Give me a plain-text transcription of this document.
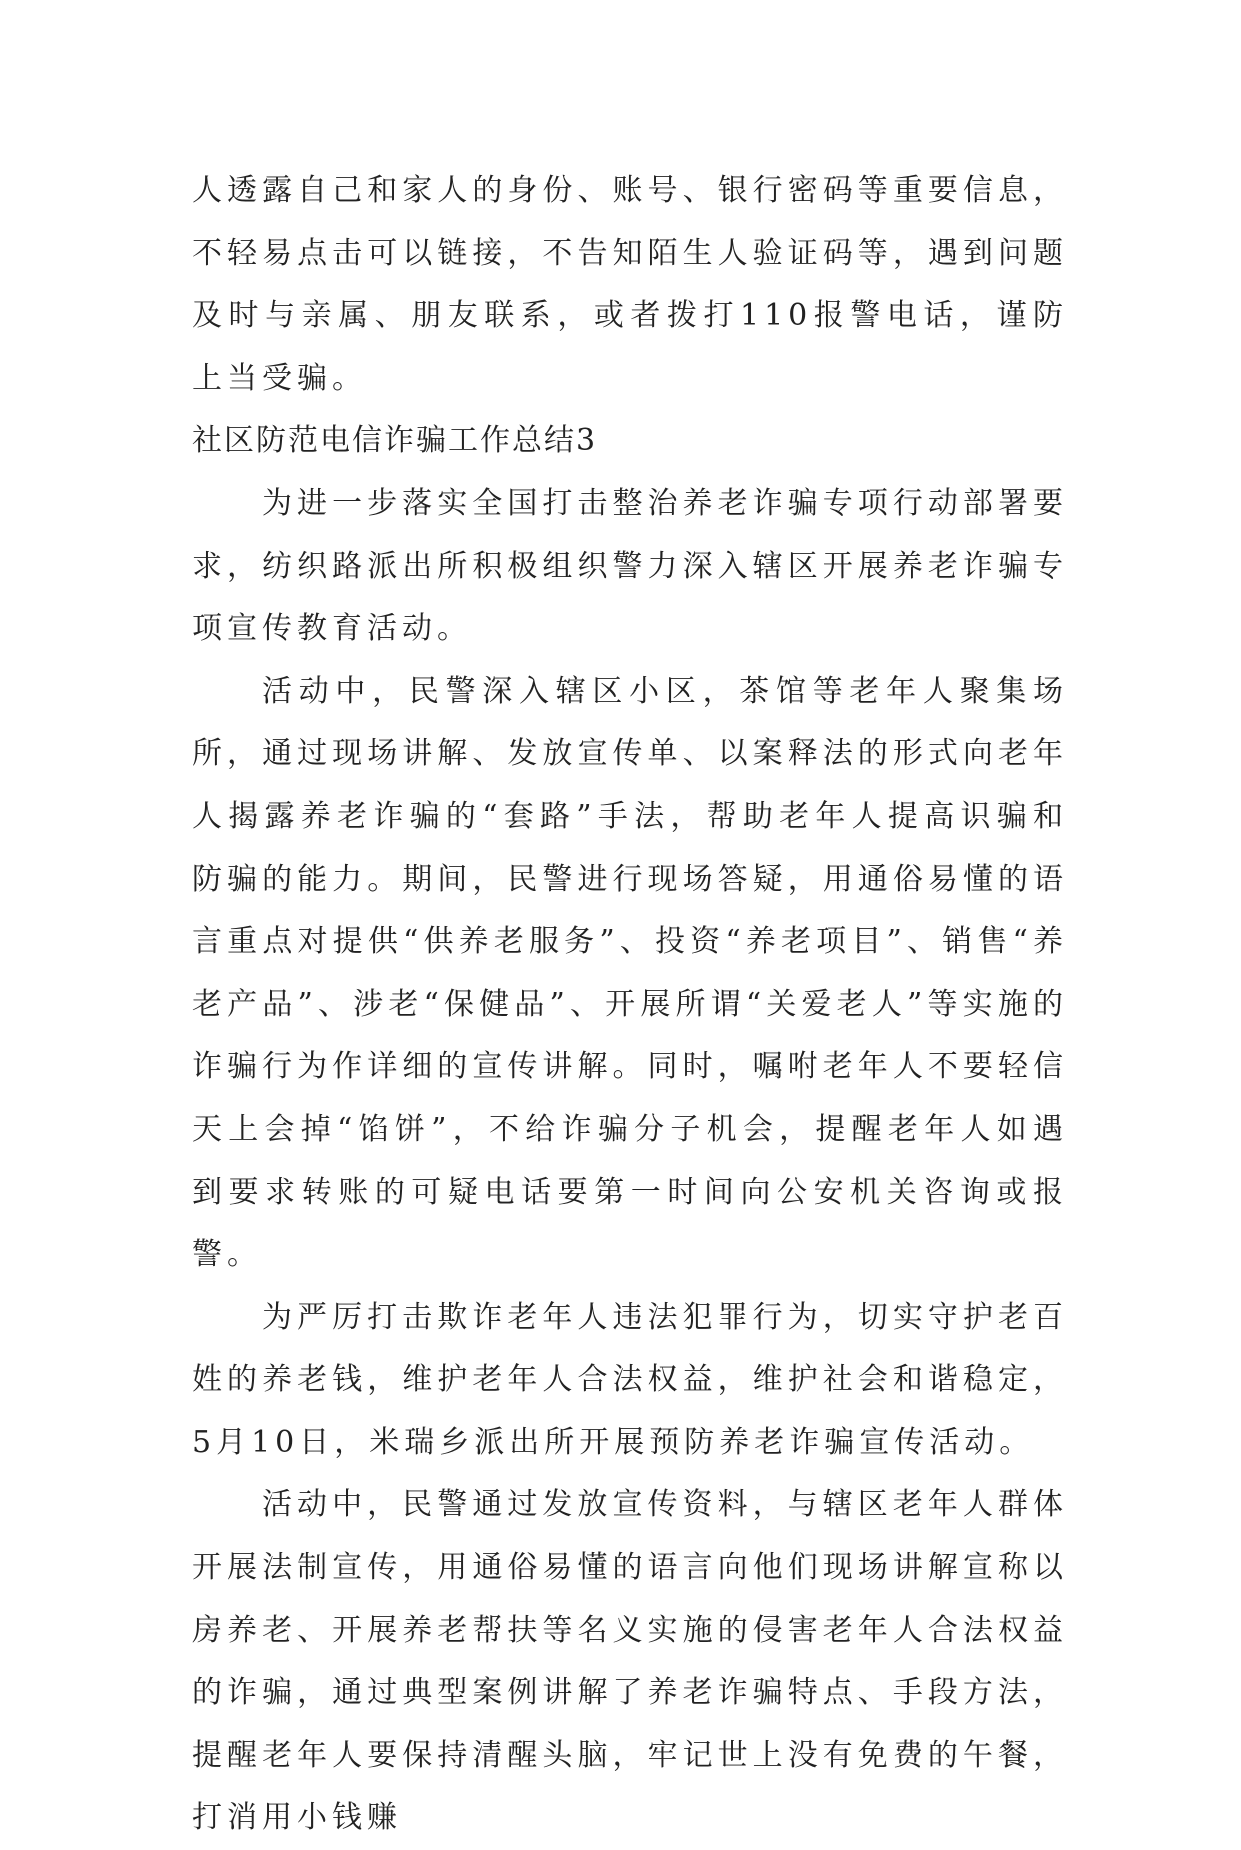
人透露自己和家人的身份、账号、银行密码等重要信息，不轻易点击可以链接，不告知陌生人验证码等，遇到问题及时与亲属、朋友联系，或者拨打110报警电话，谨防上当受骗。

社区防范电信诈骗工作总结3

为进一步落实全国打击整治养老诈骗专项行动部署要求，纺织路派出所积极组织警力深入辖区开展养老诈骗专项宣传教育活动。

活动中，民警深入辖区小区，茶馆等老年人聚集场所，通过现场讲解、发放宣传单、以案释法的形式向老年人揭露养老诈骗的“套路”手法，帮助老年人提高识骗和防骗的能力。期间，民警进行现场答疑，用通俗易懂的语言重点对提供“供养老服务”、投资“养老项目”、销售“养老产品”、涉老“保健品”、开展所谓“关爱老人”等实施的诈骗行为作详细的宣传讲解。同时，嘱咐老年人不要轻信天上会掉“馅饼”，不给诈骗分子机会，提醒老年人如遇到要求转账的可疑电话要第一时间向公安机关咨询或报警。

为严厉打击欺诈老年人违法犯罪行为，切实守护老百姓的养老钱，维护老年人合法权益，维护社会和谐稳定，5月10日，米瑞乡派出所开展预防养老诈骗宣传活动。

活动中，民警通过发放宣传资料，与辖区老年人群体开展法制宣传，用通俗易懂的语言向他们现场讲解宣称以房养老、开展养老帮扶等名义实施的侵害老年人合法权益的诈骗，通过典型案例讲解了养老诈骗特点、手段方法，提醒老年人要保持清醒头脑，牢记世上没有免费的午餐，打消用小钱赚
